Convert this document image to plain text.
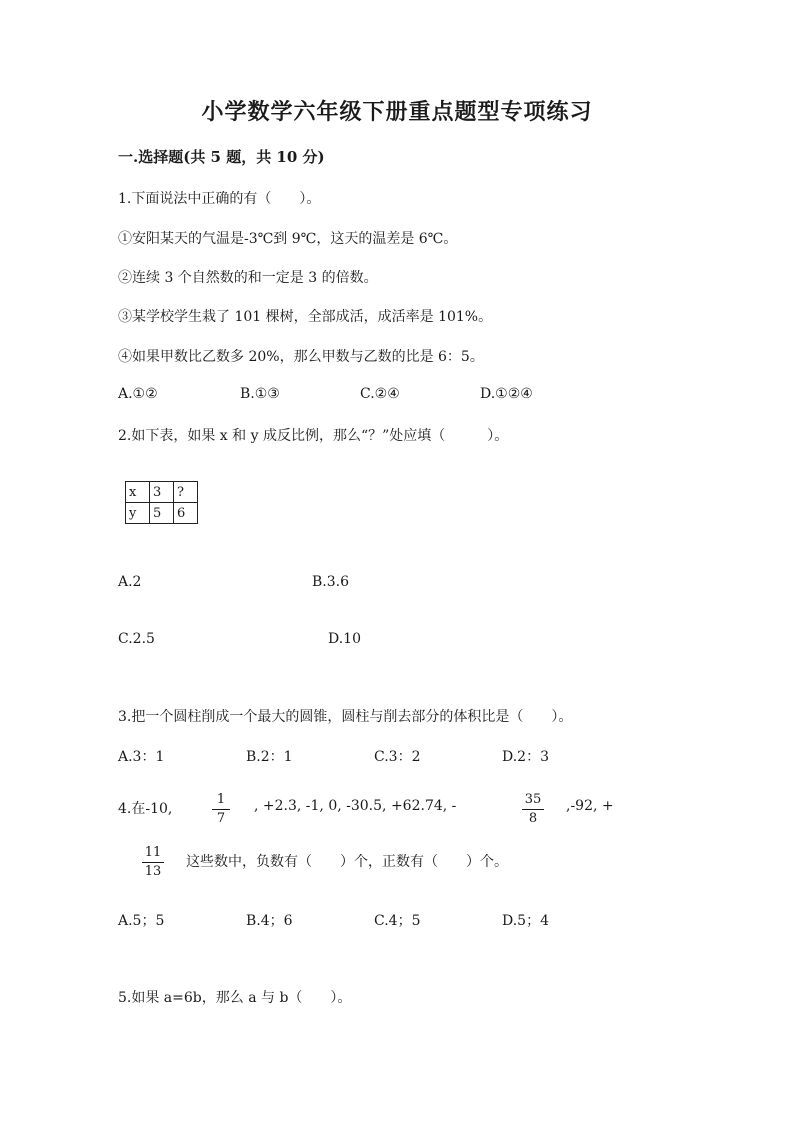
小学数学六年级下册重点题型专项练习
一.选择题(共 5 题，共 10 分)
1.下面说法中正确的有（　　）。
①安阳某天的气温是-3℃到 9℃，这天的温差是 6℃。
②连续 3 个自然数的和一定是 3 的倍数。
③某学校学生栽了 101 棵树，全部成活，成活率是 101%。
④如果甲数比乙数多 20%，那么甲数与乙数的比是 6：5。
A.①②	B.①③	C.②④	D.①②④
2.如下表，如果 x 和 y 成反比例，那么“？”处应填（　　　）。
x	3	?
y	5	6
A.2	B.3.6
C.2.5	D.10
3.把一个圆柱削成一个最大的圆锥，圆柱与削去部分的体积比是（　　）。
A.3：1	B.2：1	C.3：2	D.2：3
4.在-10,
1
7
, +2.3, -1, 0, -30.5, +62.74, -	35
8
,-92, +
11
13
这些数中，负数有（　　）个，正数有（　　）个。
A.5；5	B.4；6	C.4；5	D.5；4
5.如果 a=6b，那么 a 与 b（　　）。
